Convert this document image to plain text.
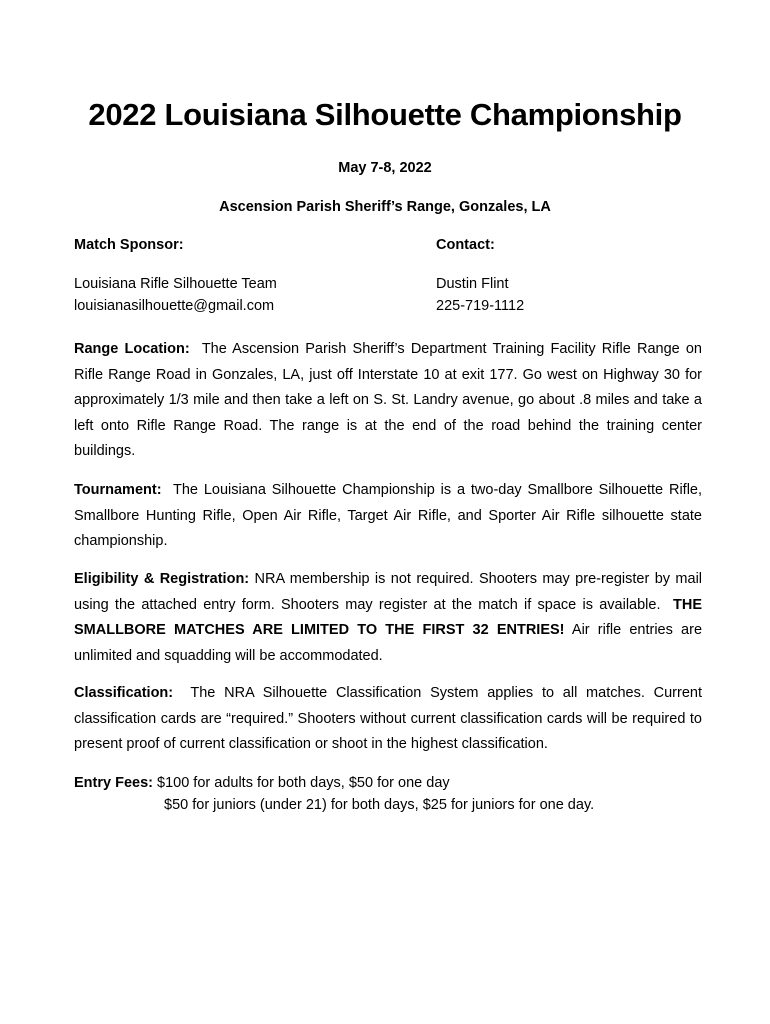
2022 Louisiana Silhouette Championship
May 7-8, 2022
Ascension Parish Sheriff’s Range, Gonzales, LA
Match Sponsor:	Contact:
Louisiana Rifle Silhouette Team
louisianasilhouette@gmail.com
Dustin Flint
225-719-1112
Range Location: The Ascension Parish Sheriff’s Department Training Facility Rifle Range on Rifle Range Road in Gonzales, LA, just off Interstate 10 at exit 177. Go west on Highway 30 for approximately 1/3 mile and then take a left on S. St. Landry avenue, go about .8 miles and take a left onto Rifle Range Road. The range is at the end of the road behind the training center buildings.
Tournament: The Louisiana Silhouette Championship is a two-day Smallbore Silhouette Rifle, Smallbore Hunting Rifle, Open Air Rifle, Target Air Rifle, and Sporter Air Rifle silhouette state championship.
Eligibility & Registration: NRA membership is not required. Shooters may pre-register by mail using the attached entry form. Shooters may register at the match if space is available. THE SMALLBORE MATCHES ARE LIMITED TO THE FIRST 32 ENTRIES! Air rifle entries are unlimited and squadding will be accommodated.
Classification: The NRA Silhouette Classification System applies to all matches. Current classification cards are “required.” Shooters without current classification cards will be required to present proof of current classification or shoot in the highest classification.
Entry Fees: $100 for adults for both days, $50 for one day
$50 for juniors (under 21) for both days, $25 for juniors for one day.
